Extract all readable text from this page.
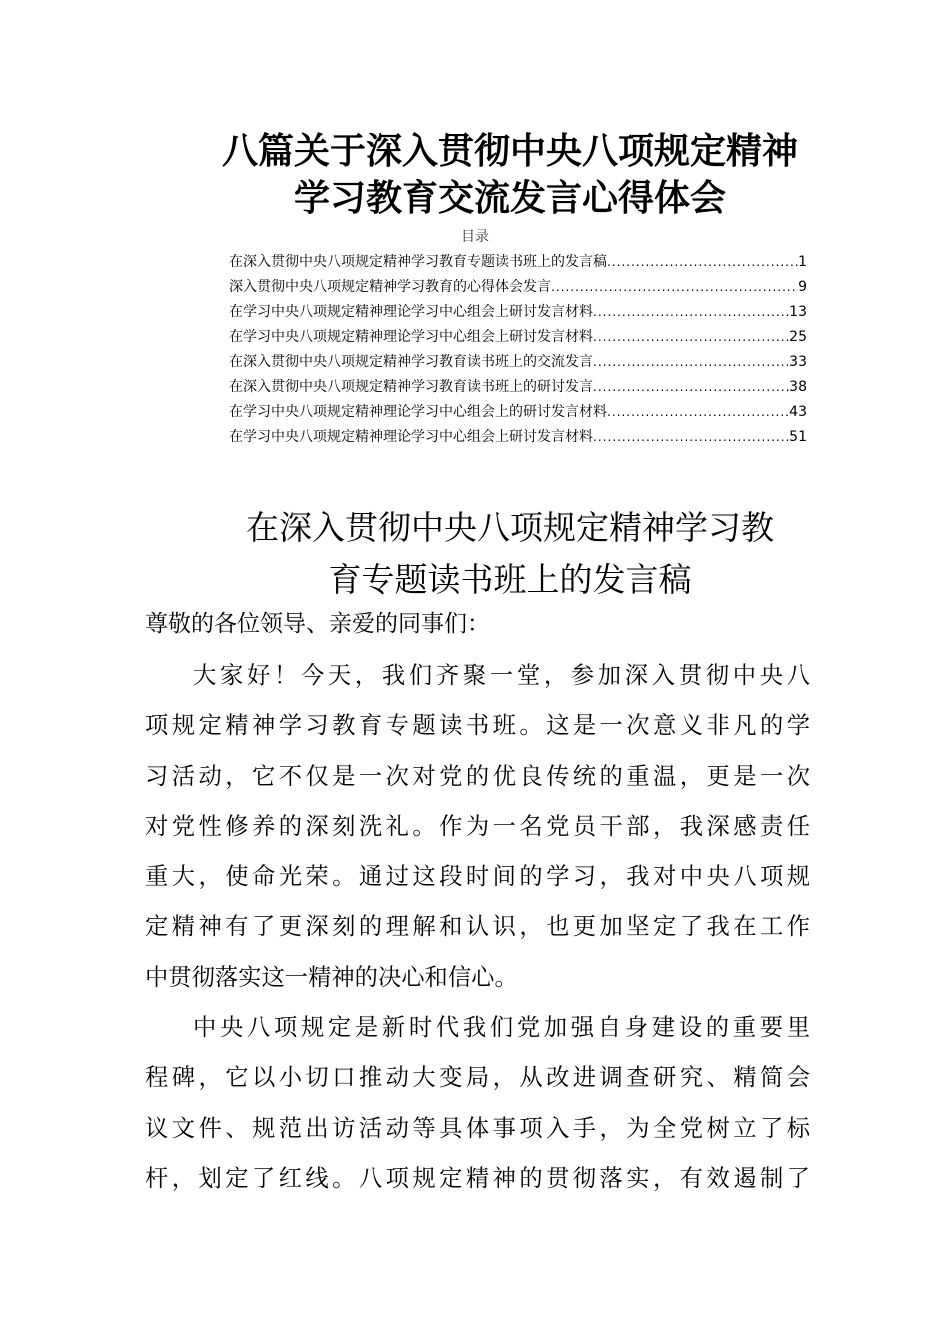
八篇关于深入贯彻中央八项规定精神
学习教育交流发言心得体会
目录
在深入贯彻中央八项规定精神学习教育专题读书班上的发言稿 .....	1
深入贯彻中央八项规定精神学习教育的心得体会发言 .....	9
在学习中央八项规定精神理论学习中心组会上研讨发言材料 .....	13
在学习中央八项规定精神理论学习中心组会上研讨发言材料 .....	25
在深入贯彻中央八项规定精神学习教育读书班上的交流发言 .....	33
在深入贯彻中央八项规定精神学习教育读书班上的研讨发言 .....	38
在学习中央八项规定精神理论学习中心组会上的研讨发言材料 .....	43
在学习中央八项规定精神理论学习中心组会上研讨发言材料 .....	51
在深入贯彻中央八项规定精神学习教
育专题读书班上的发言稿
尊敬的各位领导、亲爱的同事们：
大家好！今天，我们齐聚一堂，参加深入贯彻中央八
项规定精神学习教育专题读书班。这是一次意义非凡的学
习活动，它不仅是一次对党的优良传统的重温，更是一次
对党性修养的深刻洗礼。作为一名党员干部，我深感责任
重大，使命光荣。通过这段时间的学习，我对中央八项规
定精神有了更深刻的理解和认识，也更加坚定了我在工作
中贯彻落实这一精神的决心和信心。
中央八项规定是新时代我们党加强自身建设的重要里
程碑，它以小切口推动大变局，从改进调查研究、精简会
议文件、规范出访活动等具体事项入手，为全党树立了标
杆，划定了红线。八项规定精神的贯彻落实，有效遏制了
